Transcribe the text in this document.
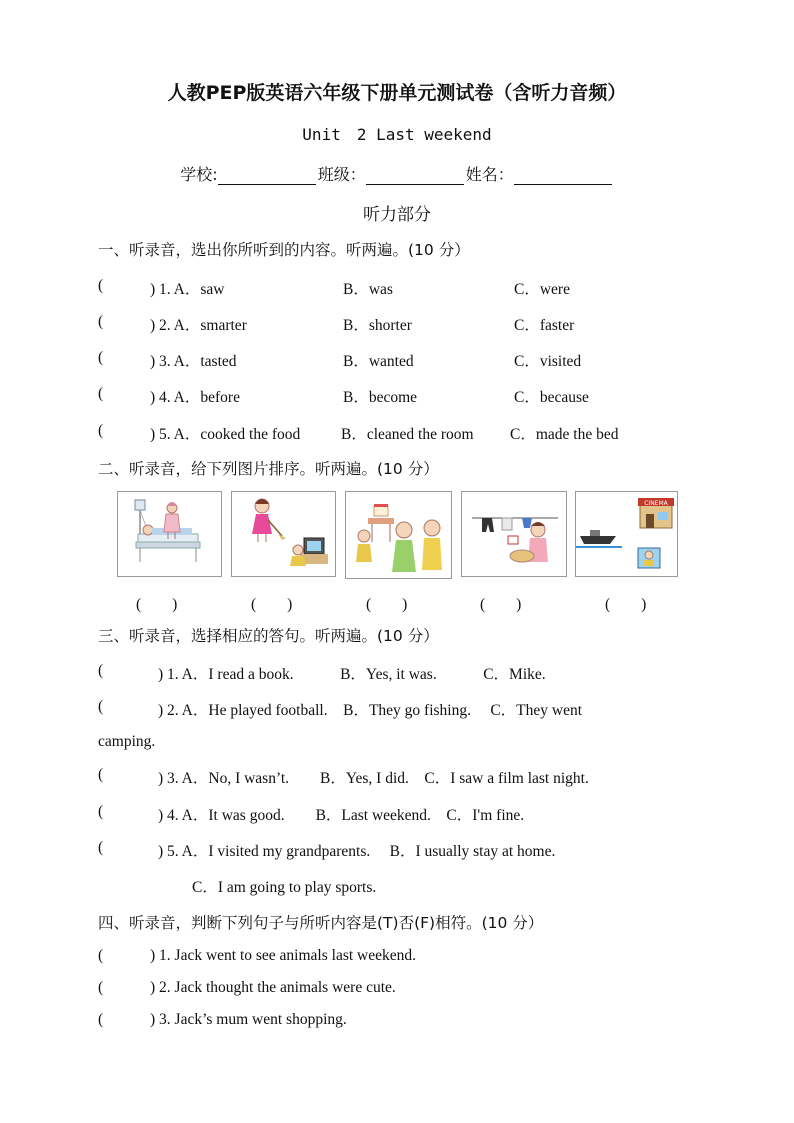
人教PEP版英语六年级下册单元测试卷（含听力音频）
Unit　2 Last weekend
学校:	班级：	姓名：
听力部分
一、听录音，选出你所听到的内容。听两遍。(10 分）
(	) 1. A．saw	B．was	C．were
(	) 2. A．smarter	B．shorter	C．faster
(	) 3. A．tasted	B．wanted	C．visited
(	) 4. A．before	B．become	C．because
(	) 5. A．cooked the food	B．cleaned the room C．made the bed
二、听录音，给下列图片排序。听两遍。(10 分）
CINEMA
(　　)	(　　)	(　　)	(　　)	(　　)
三、听录音，选择相应的答句。听两遍。(10 分）
(	) 1. A．I read a book.　　　B．Yes, it was.　　　C．Mike.
(	) 2. A．He played football.　B．They go fishing.　 C．They went
camping.
(	) 3. A．No, I wasn’t.　　B．Yes, I did.　C．I saw a film last night.
(	) 4. A．It was good.　　B．Last weekend.　C．I'm fine.
(	) 5. A．I visited my grandparents.　 B．I usually stay at home.
C．I am going to play sports.
四、听录音，判断下列句子与所听内容是(T)否(F)相符。(10 分）
(	) 1. Jack went to see animals last weekend.
(	) 2. Jack thought the animals were cute.
(	) 3. Jack’s mum went shopping.
